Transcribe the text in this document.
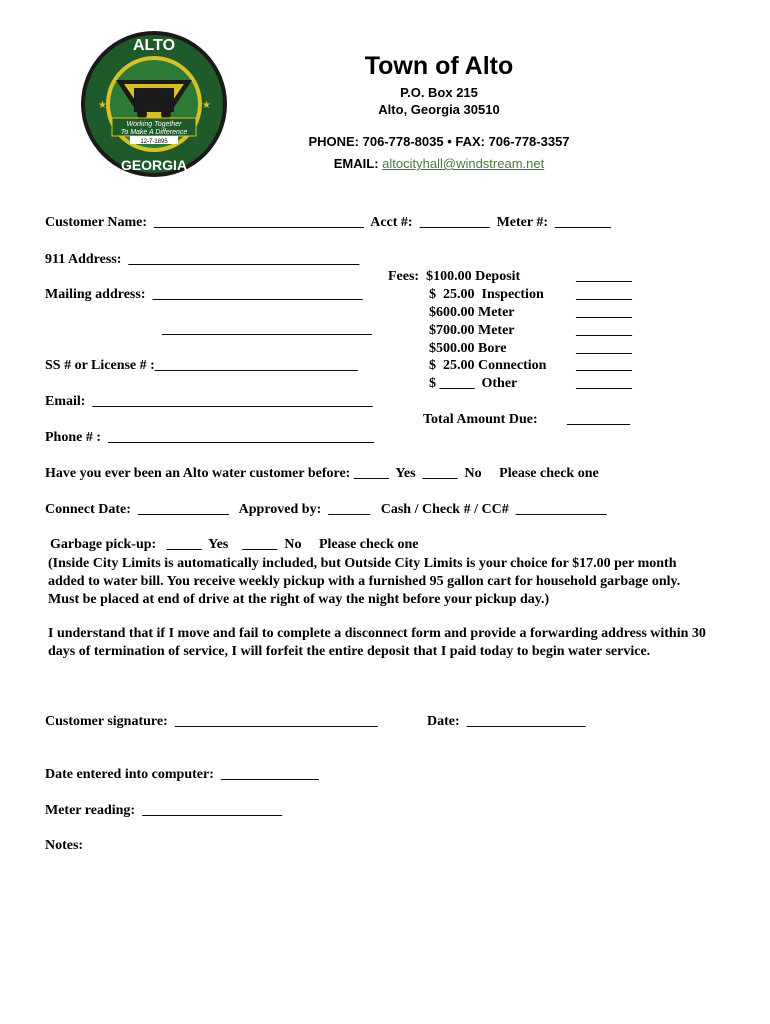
ALTO
GEORGIA
Working Together
To Make A Difference
12-7-1895
★	★
Town of Alto
P.O. Box 215
Alto, Georgia 30510
PHONE: 706-778-8035 • FAX: 706-778-3357
EMAIL: altocityhall@windstream.net
Customer Name:  ______________________________  Acct #:  __________  Meter #:  ________
911 Address:  _________________________________
Mailing address:  ______________________________
______________________________
SS # or License # :_____________________________
Email:  ________________________________________
Phone # :  ______________________________________
Fees:  $100.00 Deposit
$  25.00  Inspection
$600.00 Meter
$700.00 Meter
$500.00 Bore
$  25.00 Connection
$ _____  Other
________
________
________
________
________
________
________
Total Amount Due: _________
Have you ever been an Alto water customer before: _____  Yes  _____  No     Please check one
Connect Date:  _____________   Approved by:  ______   Cash / Check # / CC#  _____________
Garbage pick-up:   _____  Yes    _____  No     Please check one
(Inside City Limits is automatically included, but Outside City Limits is your choice for $17.00 per month added to water bill. You receive weekly pickup with a furnished 95 gallon cart for household garbage only. Must be placed at end of drive at the right of way the night before your pickup day.)
I understand that if I move and fail to complete a disconnect form and provide a forwarding address within 30 days of termination of service, I will forfeit the entire deposit that I paid today to begin water service.
Customer signature:  _____________________________	Date:  _________________
Date entered into computer:  ______________
Meter reading:  ____________________
Notes:
